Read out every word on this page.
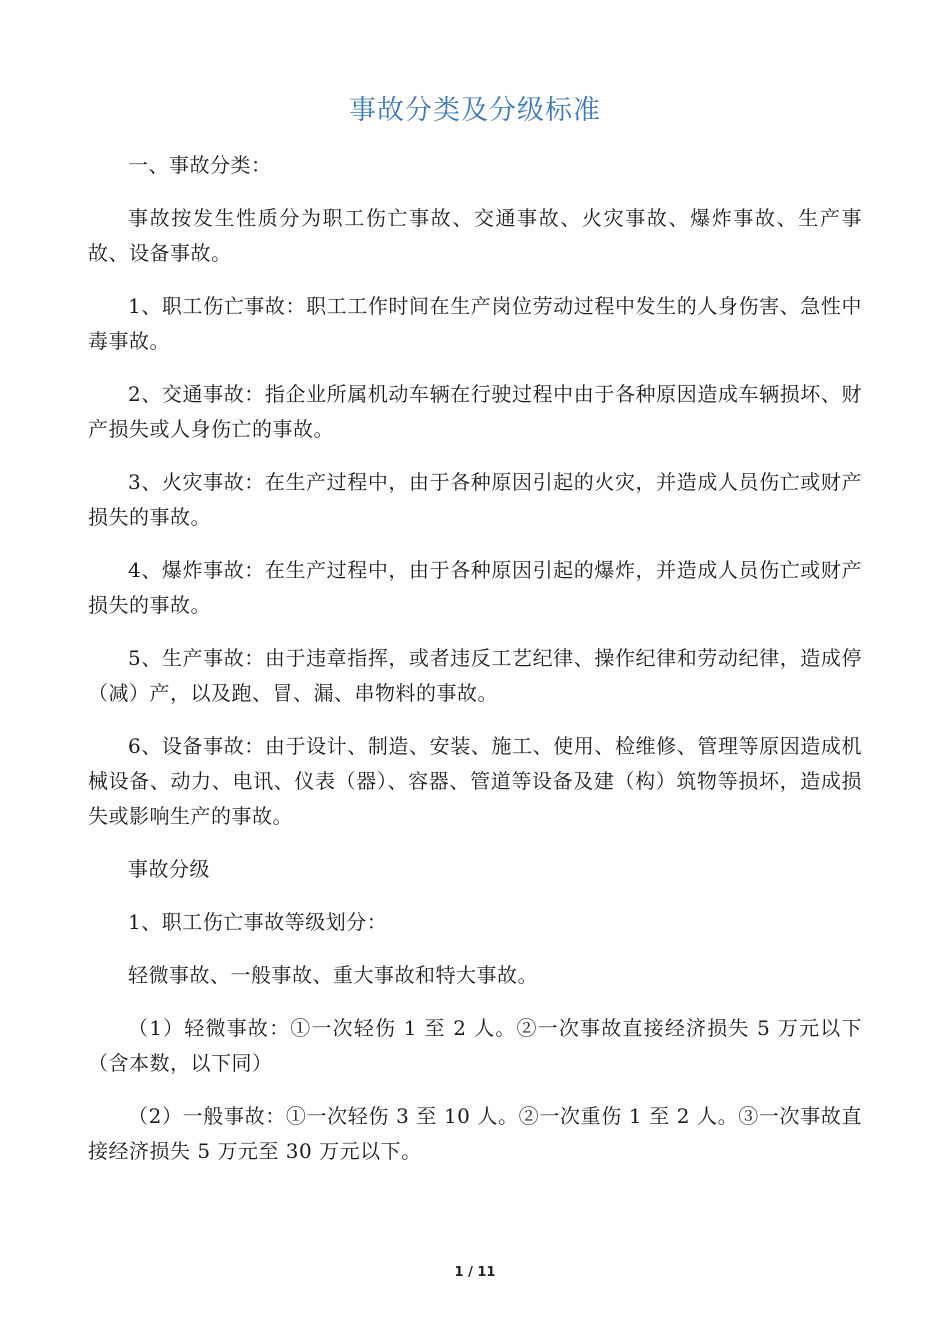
事故分类及分级标准

一、事故分类：

事故按发生性质分为职工伤亡事故、交通事故、火灾事故、爆炸事故、生产事故、设备事故。

1、职工伤亡事故：职工工作时间在生产岗位劳动过程中发生的人身伤害、急性中毒事故。

2、交通事故：指企业所属机动车辆在行驶过程中由于各种原因造成车辆损坏、财产损失或人身伤亡的事故。

3、火灾事故：在生产过程中，由于各种原因引起的火灾，并造成人员伤亡或财产损失的事故。

4、爆炸事故：在生产过程中，由于各种原因引起的爆炸，并造成人员伤亡或财产损失的事故。

5、生产事故：由于违章指挥，或者违反工艺纪律、操作纪律和劳动纪律，造成停（减）产，以及跑、冒、漏、串物料的事故。

6、设备事故：由于设计、制造、安装、施工、使用、检维修、管理等原因造成机械设备、动力、电讯、仪表（器）、容器、管道等设备及建（构）筑物等损坏，造成损失或影响生产的事故。

事故分级

1、职工伤亡事故等级划分：

轻微事故、一般事故、重大事故和特大事故。

（1）轻微事故：①一次轻伤 1 至 2 人。②一次事故直接经济损失 5 万元以下（含本数，以下同）

（2）一般事故：①一次轻伤 3 至 10 人。②一次重伤 1 至 2 人。③一次事故直接经济损失 5 万元至 30 万元以下。

1 / 11
